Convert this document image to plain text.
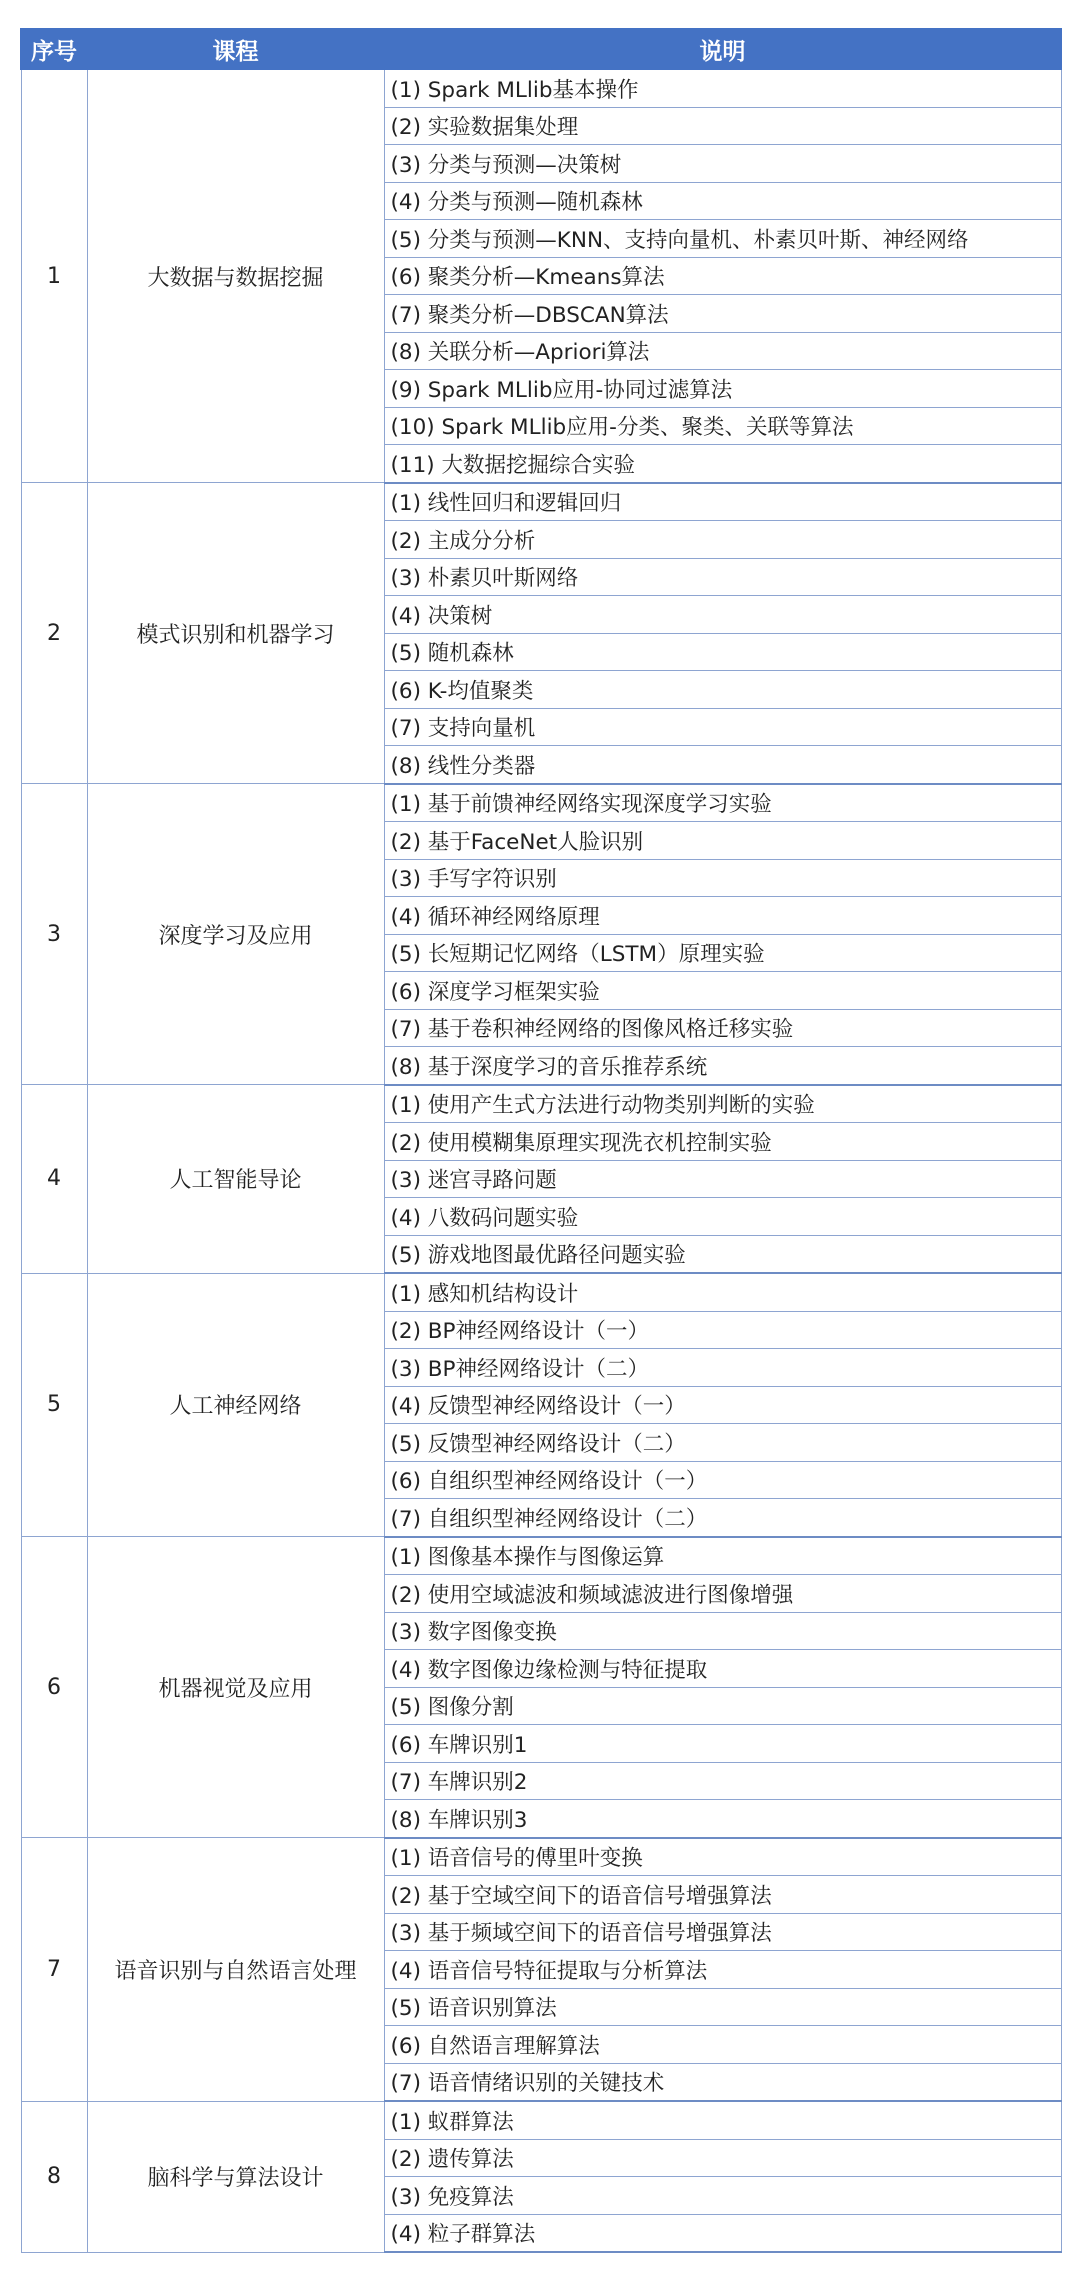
序号	课程	说明
1	大数据与数据挖掘	(1) Spark MLlib基本操作
		(2) 实验数据集处理
		(3) 分类与预测—决策树
		(4) 分类与预测—随机森林
		(5) 分类与预测—KNN、支持向量机、朴素贝叶斯、神经网络
		(6) 聚类分析—Kmeans算法
		(7) 聚类分析—DBSCAN算法
		(8) 关联分析—Apriori算法
		(9) Spark MLlib应用-协同过滤算法
		(10) Spark MLlib应用-分类、聚类、关联等算法
		(11) 大数据挖掘综合实验
2	模式识别和机器学习	(1) 线性回归和逻辑回归
		(2) 主成分分析
		(3) 朴素贝叶斯网络
		(4) 决策树
		(5) 随机森林
		(6) K-均值聚类
		(7) 支持向量机
		(8) 线性分类器
3	深度学习及应用	(1) 基于前馈神经网络实现深度学习实验
		(2) 基于FaceNet人脸识别
		(3) 手写字符识别
		(4) 循环神经网络原理
		(5) 长短期记忆网络（LSTM）原理实验
		(6) 深度学习框架实验
		(7) 基于卷积神经网络的图像风格迁移实验
		(8) 基于深度学习的音乐推荐系统
4	人工智能导论	(1) 使用产生式方法进行动物类别判断的实验
		(2) 使用模糊集原理实现洗衣机控制实验
		(3) 迷宫寻路问题
		(4) 八数码问题实验
		(5) 游戏地图最优路径问题实验
5	人工神经网络	(1) 感知机结构设计
		(2) BP神经网络设计（一）
		(3) BP神经网络设计（二）
		(4) 反馈型神经网络设计（一）
		(5) 反馈型神经网络设计（二）
		(6) 自组织型神经网络设计（一）
		(7) 自组织型神经网络设计（二）
6	机器视觉及应用	(1) 图像基本操作与图像运算
		(2) 使用空域滤波和频域滤波进行图像增强
		(3) 数字图像变换
		(4) 数字图像边缘检测与特征提取
		(5) 图像分割
		(6) 车牌识别1
		(7) 车牌识别2
		(8) 车牌识别3
7	语音识别与自然语言处理	(1) 语音信号的傅里叶变换
		(2) 基于空域空间下的语音信号增强算法
		(3) 基于频域空间下的语音信号增强算法
		(4) 语音信号特征提取与分析算法
		(5) 语音识别算法
		(6) 自然语言理解算法
		(7) 语音情绪识别的关键技术
8	脑科学与算法设计	(1) 蚁群算法
		(2) 遗传算法
		(3) 免疫算法
		(4) 粒子群算法
